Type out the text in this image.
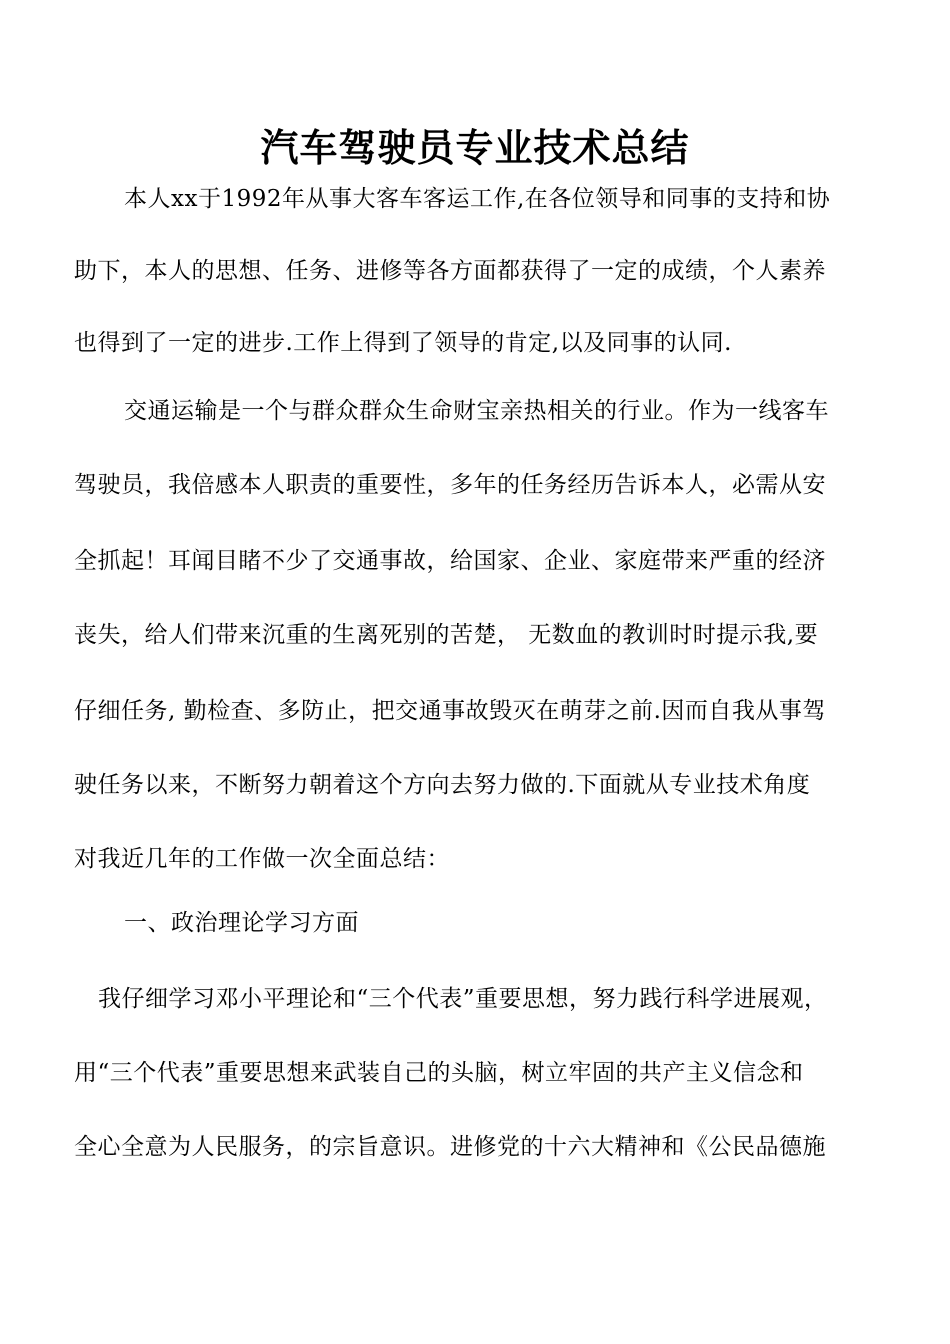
汽车驾驶员专业技术总结
本人xx于1992年从事大客车客运工作,在各位领导和同事的支持和协
助下，本人的思想、任务、进修等各方面都获得了一定的成绩，个人素养
也得到了一定的进步.工作上得到了领导的肯定,以及同事的认同.
交通运输是一个与群众群众生命财宝亲热相关的行业。作为一线客车
驾驶员，我倍感本人职责的重要性，多年的任务经历告诉本人，必需从安
全抓起！耳闻目睹不少了交通事故，给国家、企业、家庭带来严重的经济
丧失，给人们带来沉重的生离死别的苦楚， 无数血的教训时时提示我,要
仔细任务, 勤检查、多防止，把交通事故毁灭在萌芽之前.因而自我从事驾
驶任务以来，不断努力朝着这个方向去努力做的.下面就从专业技术角度
对我近几年的工作做一次全面总结：
一、政治理论学习方面
我仔细学习邓小平理论和“三个代表”重要思想，努力践行科学进展观，
用“三个代表”重要思想来武装自己的头脑，树立牢固的共产主义信念和
全心全意为人民服务，的宗旨意识。进修党的十六大精神和《公民品德施
